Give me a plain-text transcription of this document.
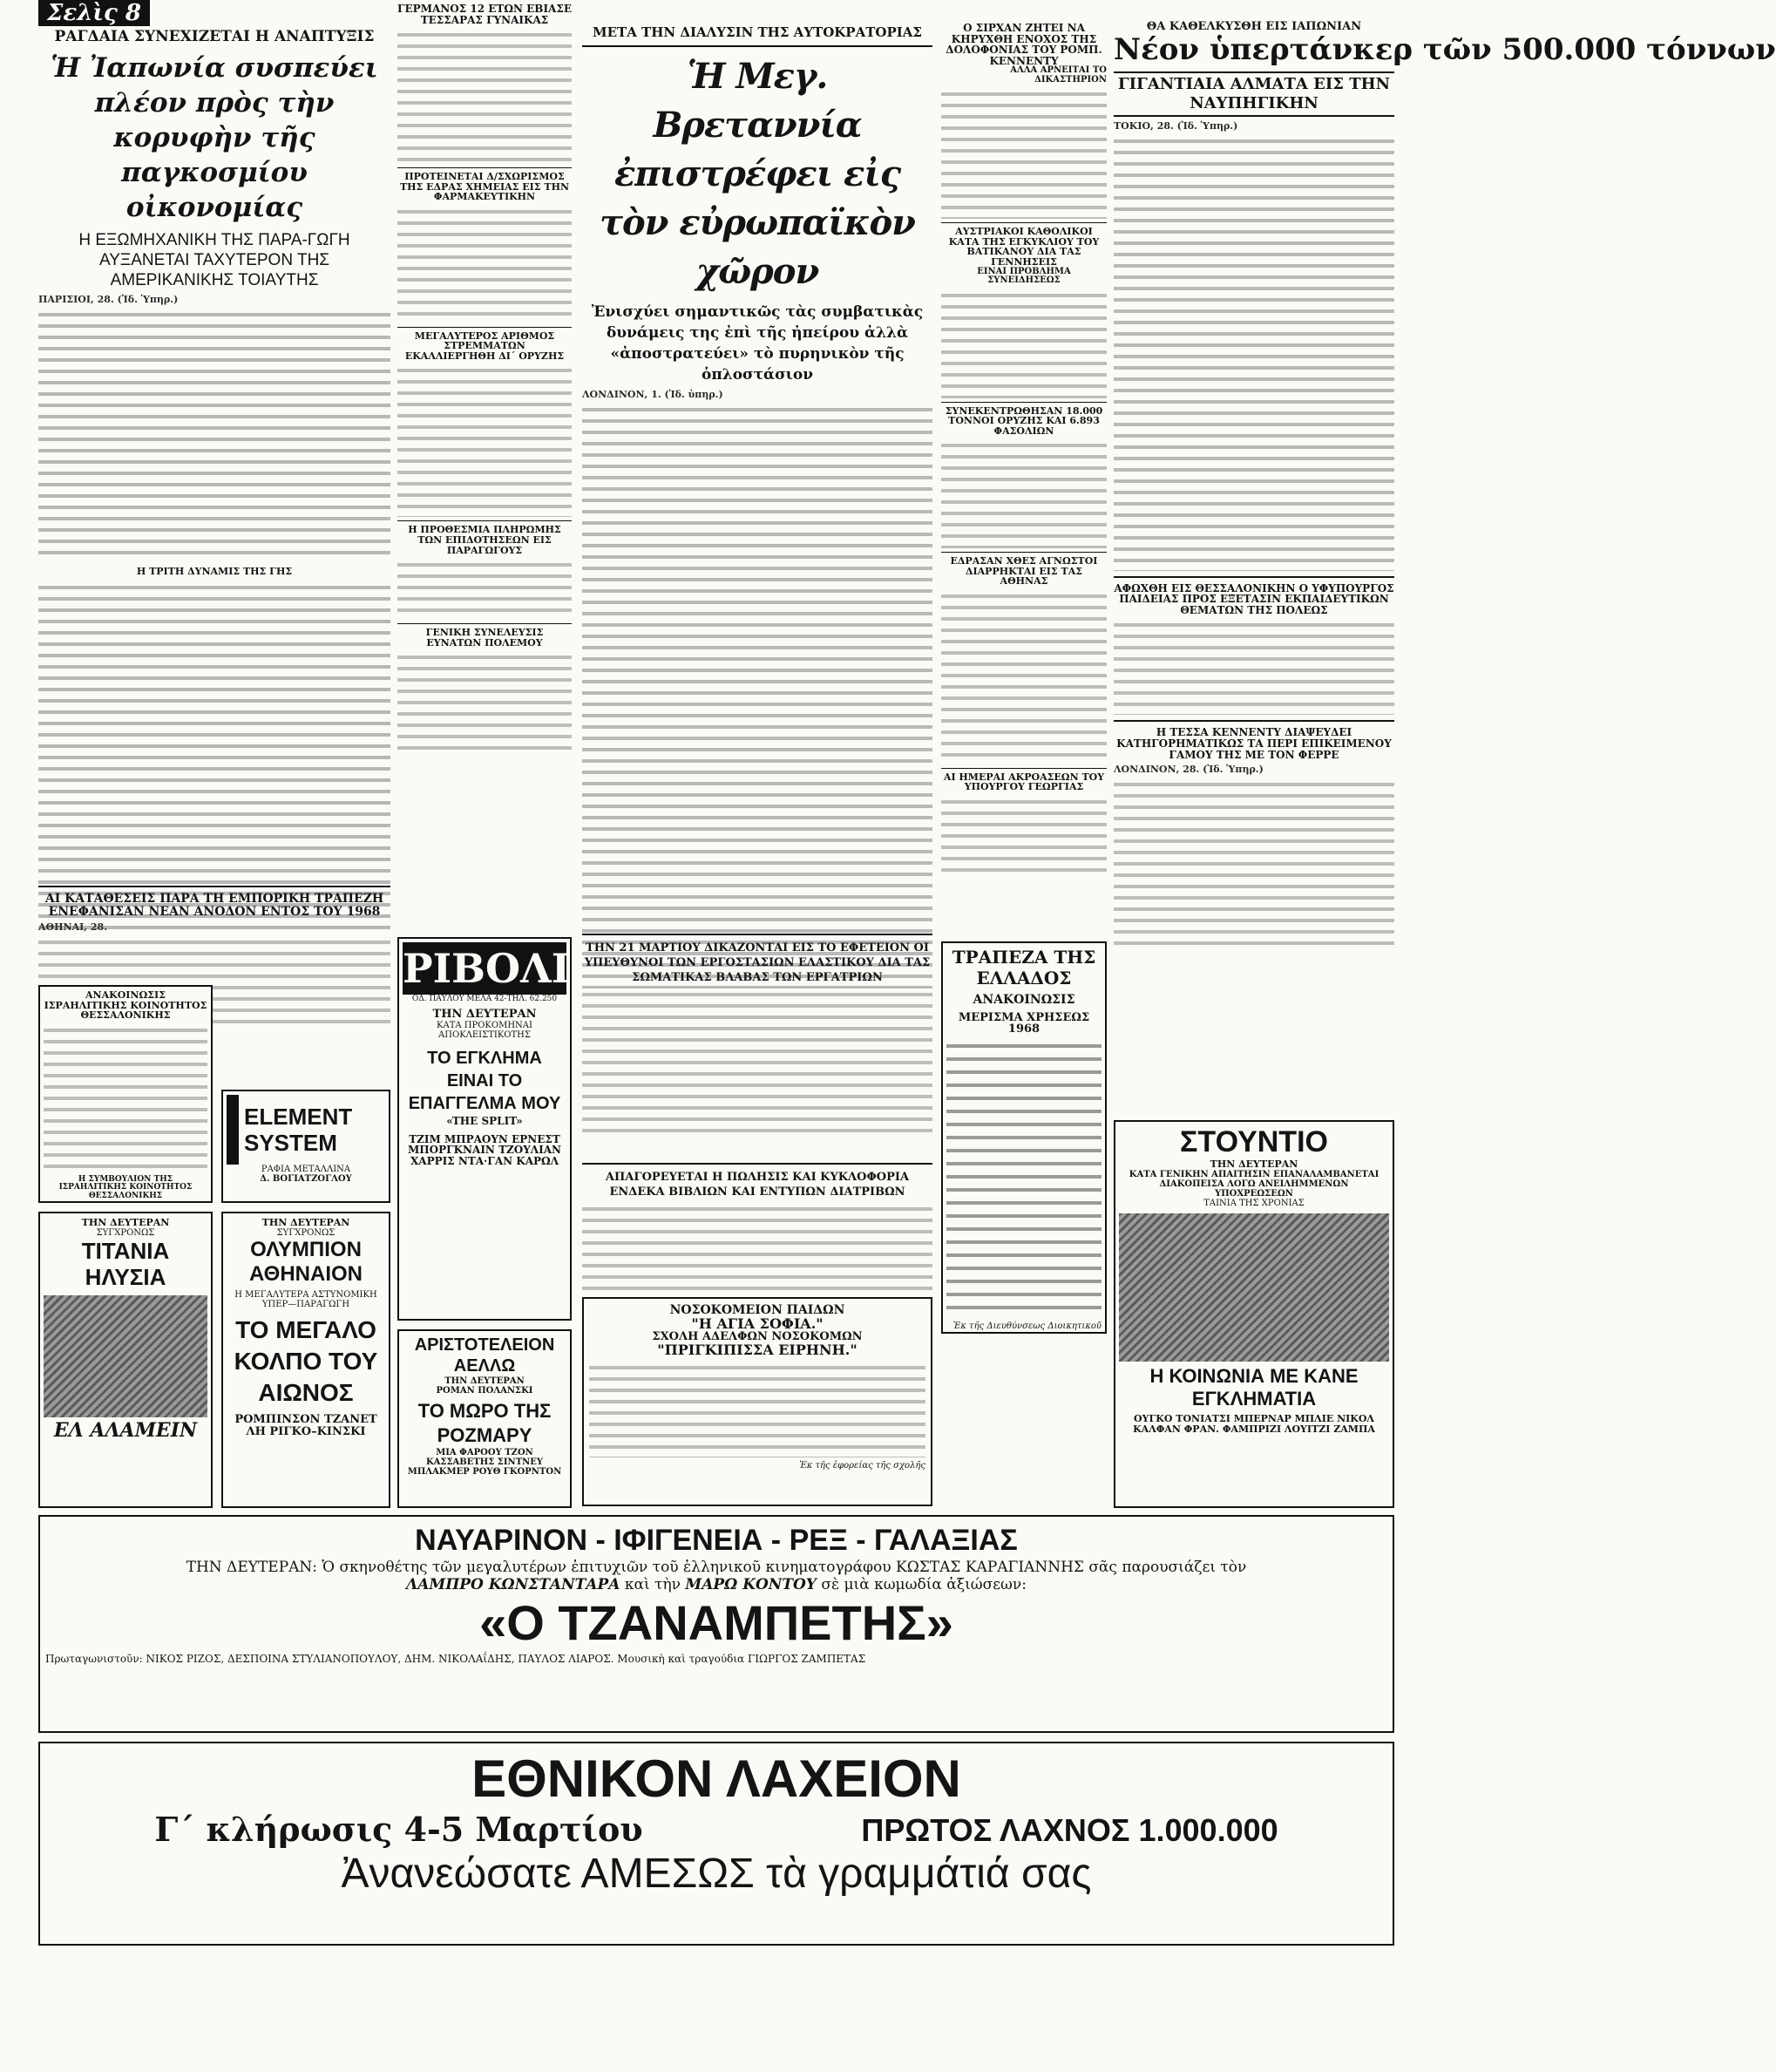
Σελὶς 8
ΡΑΓΔΑΙΑ ΣΥΝΕΧΙΖΕΤΑΙ Η ΑΝΑΠΤΥΞΙΣ
Ἡ Ἰαπωνία συσπεύει πλέον πρὸς τὴν κορυφὴν τῆς παγκοσμίου οἰκονομίας
Η ΕΞΩΜΗΧΑΝΙΚΗ ΤΗΣ ΠΑΡΑ-ΓΩΓΗ ΑΥΞΑΝΕΤΑΙ ΤΑΧΥΤΕΡΟΝ ΤΗΣ ΑΜΕΡΙΚΑΝΙΚΗΣ ΤΟΙΑΥΤΗΣ
ΠΑΡΙΣΙΟΙ, 28. (Ἰδ. Ὑπηρ.)
Η ΤΡΙΤΗ ΔΥΝΑΜΙΣ ΤΗΣ ΓΗΣ
ΓΕΡΜΑΝΟΣ 12 ΕΤΩΝ ΕΒΙΑΣΕ ΤΕΣΣΑΡΑΣ ΓΥΝΑΙΚΑΣ
ΠΡΟΤΕΙΝΕΤΑΙ Δ/ΣΧΩΡΙΣΜΟΣ ΤΗΣ ΕΔΡΑΣ ΧΗΜΕΙΑΣ ΕΙΣ ΤΗΝ ΦΑΡΜΑΚΕΥΤΙΚΗΝ
ΜΕΓΑΛΥΤΕΡΟΣ ΑΡΙΘΜΟΣ ΣΤΡΕΜΜΑΤΩΝ ΕΚΑΛΛΙΕΡΓΗΘΗ ΔΙ΄ ΟΡΥΖΗΣ
Η ΠΡΟΘΕΣΜΙΑ ΠΛΗΡΩΜΗΣ ΤΩΝ ΕΠΙΔΟΤΗΣΕΩΝ ΕΙΣ ΠΑΡΑΓΩΓΟΥΣ
ΓΕΝΙΚΗ ΣΥΝΕΛΕΥΣΙΣ ΕΥΝΑΤΩΝ ΠΟΛΕΜΟΥ
ΜΕΤΑ ΤΗΝ ΔΙΑΛΥΣΙΝ ΤΗΣ ΑΥΤΟΚΡΑΤΟΡΙΑΣ
Ἡ Μεγ. Βρεταννία ἐπιστρέφει εἰς τὸν εὐρωπαϊκὸν χῶρον
Ἐνισχύει σημαντικῶς τὰς συμβατικὰς δυνάμεις της ἐπὶ τῆς ἠπείρου ἀλλὰ «ἀποστρατεύει» τὸ πυρηνικὸν τῆς ὁπλοστάσιον
ΛΟΝΔΙΝΟΝ, 1. (Ἰδ. ὑπηρ.)
Ο ΣΙΡΧΑΝ ΖΗΤΕΙ ΝΑ ΚΗΡΥΧΘΗ ΕΝΟΧΟΣ ΤΗΣ ΔΟΛΟΦΟΝΙΑΣ ΤΟΥ ΡΟΜΠ. ΚΕΝΝΕΝΤΥ
ΑΛΛΑ ΑΡΝΕΙΤΑΙ ΤΟ ΔΙΚΑΣΤΗΡΙΟΝ
ΑΥΣΤΡΙΑΚΟΙ ΚΑΘΟΛΙΚΟΙ ΚΑΤΑ ΤΗΣ ΕΓΚΥΚΛΙΟΥ ΤΟΥ ΒΑΤΙΚΑΝΟΥ ΔΙΑ ΤΑΣ ΓΕΝΝΗΣΕΙΣ
ΕΙΝΑΙ ΠΡΟΒΛΗΜΑ ΣΥΝΕΙΔΗΣΕΩΣ
ΣΥΝΕΚΕΝΤΡΩΘΗΣΑΝ 18.000 ΤΟΝΝΟΙ ΟΡΥΖΗΣ ΚΑΙ 6.893 ΦΑΣΟΛΙΩΝ
ΕΔΡΑΣΑΝ ΧΘΕΣ ΑΓΝΩΣΤΟΙ ΔΙΑΡΡΗΚΤΑΙ ΕΙΣ ΤΑΣ ΑΘΗΝΑΣ
ΑΙ ΗΜΕΡΑΙ ΑΚΡΟΑΣΕΩΝ ΤΟΥ ΥΠΟΥΡΓΟΥ ΓΕΩΡΓΙΑΣ
ΘΑ ΚΑΘΕΛΚΥΣΘΗ ΕΙΣ ΙΑΠΩΝΙΑΝ
Νέον ὑπερτάνκερ τῶν 500.000 τόννων
ΓΙΓΑΝΤΙΑΙΑ ΑΛΜΑΤΑ ΕΙΣ ΤΗΝ ΝΑΥΠΗΓΙΚΗΝ
ΤΟΚΙΟ, 28. (Ἰδ. Ὑπηρ.)
ΑΦΩΧΘΗ ΕΙΣ ΘΕΣΣΑΛΟΝΙΚΗΝ Ο ΥΦΥΠΟΥΡΓΟΣ ΠΑΙΔΕΙΑΣ ΠΡΟΣ ΕΞΕΤΑΣΙΝ ΕΚΠΑΙΔΕΥΤΙΚΩΝ ΘΕΜΑΤΩΝ ΤΗΣ ΠΟΛΕΩΣ
Η ΤΕΣΣΑ ΚΕΝΝΕΝΤΥ ΔΙΑΨΕΥΔΕΙ ΚΑΤΗΓΟΡΗΜΑΤΙΚΩΣ ΤΑ ΠΕΡΙ ΕΠΙΚΕΙΜΕΝΟΥ ΓΑΜΟΥ ΤΗΣ ΜΕ ΤΟΝ ΦΕΡΡΕ
ΛΟΝΔΙΝΟΝ, 28. (Ἰδ. Ὑπηρ.)
ΑΙ ΚΑΤΑΘΕΣΕΙΣ ΠΑΡΑ ΤΗ ΕΜΠΟΡΙΚΗ ΤΡΑΠΕΖΗ ΕΝΕΦΑΝΙΣΑΝ ΝΕΑΝ ΑΝΟΔΟΝ ΕΝΤΟΣ ΤΟΥ 1968
ΑΘΗΝΑΙ, 28.
ΑΝΑΚΟΙΝΩΣΙΣ ΙΣΡΑΗΛΙΤΙΚΗΣ ΚΟΙΝΟΤΗΤΟΣ ΘΕΣΣΑΛΟΝΙΚΗΣ
Η ΣΥΜΒΟΥΛΙΟΝ ΤΗΣ ΙΣΡΑΗΛΙΤΙΚΗΣ ΚΟΙΝΟΤΗΤΟΣ ΘΕΣΣΑΛΟΝΙΚΗΣ
ELEMENT
SYSTEM
ΡΑΦΙΑ ΜΕΤΑΛΛΙΝΑ
Δ. ΒΟΓΙΑΤΖΟΓΛΟΥ
ΤΗΝ ΔΕΥΤΕΡΑΝ
ΣΥΓΧΡΟΝΩΣ
ΤΙΤΑΝΙΑ ΗΛΥΣΙΑ
ΕΛ ΑΛΑΜΕΙΝ
ΤΗΝ ΔΕΥΤΕΡΑΝ
ΣΥΓΧΡΟΝΩΣ
ΟΛΥΜΠΙΟΝ ΑΘΗΝΑΙΟΝ
Η ΜΕΓΑΛΥΤΕΡΑ ΑΣΤΥΝΟΜΙΚΗ ΥΠΕΡ—ΠΑΡΑΓΩΓΗ
ΤΟ ΜΕΓΑΛΟ ΚΟΛΠΟ ΤΟΥ ΑΙΩΝΟΣ
ΡΟΜΠΙΝΣΟΝ ΤΖΑΝΕΤ ΛΗ ΡΙΓΚΟ–ΚΙΝΣΚΙ
ΡΙΒΟΛΙ
ΟΔ. ΠΑΥΛΟΥ ΜΕΛΑ 42-ΤΗΛ. 62.250
ΤΗΝ ΔΕΥΤΕΡΑΝ
ΚΑΤΑ ΠΡΟΚΟΜΗΝΑΙ ΑΠΟΚΛΕΙΣΤΙΚΟΤΗΣ
ΤΟ ΕΓΚΛΗΜΑ ΕΙΝΑΙ ΤΟ ΕΠΑΓΓΕΛΜΑ ΜΟΥ
«THE SPLIT»
ΤΖΙΜ ΜΠΡΑΟΥΝ ΕΡΝΕΣΤ ΜΠΟΡΓΚΝΑΙΝ ΤΖΟΥΛΙΑΝ ΧΑΡΡΙΣ ΝΤΑ·ΓΑΝ ΚΑΡΩΛ
ΑΡΙΣΤΟΤΕΛΕΙΟΝ ΑΕΛΛΩ
ΤΗΝ ΔΕΥΤΕΡΑΝ
ΡΟΜΑΝ ΠΟΛΑΝΣΚΙ
ΤΟ ΜΩΡΟ ΤΗΣ ΡΟΖΜΑΡΥ
ΜΙΑ ΦΑΡΟΟΥ ΤΖΟΝ ΚΑΣΣΑΒΕΤΗΣ ΣΙΝΤΝΕΥ ΜΠΛΑΚΜΕΡ ΡΟΥΘ ΓΚΟΡΝΤΟΝ
ΤΗΝ 21 ΜΑΡΤΙΟΥ ΔΙΚΑΖΟΝΤΑΙ ΕΙΣ ΤΟ ΕΦΕΤΕΙΟΝ ΟΙ ΥΠΕΥΘΥΝΟΙ ΤΩΝ ΕΡΓΟΣΤΑΣΙΩΝ ΕΛΑΣΤΙΚΟΥ ΔΙΑ ΤΑΣ ΣΩΜΑΤΙΚΑΣ ΒΛΑΒΑΣ ΤΩΝ ΕΡΓΑΤΡΙΩΝ
ΑΠΑΓΟΡΕΥΕΤΑΙ Η ΠΩΛΗΣΙΣ ΚΑΙ ΚΥΚΛΟΦΟΡΙΑ ΕΝΔΕΚΑ ΒΙΒΛΙΩΝ ΚΑΙ ΕΝΤΥΠΩΝ ΔΙΑΤΡΙΒΩΝ
ΝΟΣΟΚΟΜΕΙΟΝ ΠΑΙΔΩΝ
"Η ΑΓΙΑ ΣΟΦΙΑ."
ΣΧΟΛΗ ΑΔΕΛΦΩΝ ΝΟΣΟΚΟΜΩΝ
"ΠΡΙΓΚΙΠΙΣΣΑ ΕΙΡΗΝΗ."
Ἐκ τῆς ἐφορείας τῆς σχολῆς
ΤΡΑΠΕΖΑ ΤΗΣ ΕΛΛΑΔΟΣ
ΑΝΑΚΟΙΝΩΣΙΣ
ΜΕΡΙΣΜΑ ΧΡΗΣΕΩΣ 1968
Ἐκ τῆς Διευθύνσεως Διοικητικοῦ
ΣΤΟΥΝΤΙΟ
ΤΗΝ ΔΕΥΤΕΡΑΝ
ΚΑΤΑ ΓΕΝΙΚΗΝ ΑΠΑΙΤΗΣΙΝ ΕΠΑΝΑΛΑΜΒΑΝΕΤΑΙ ΔΙΑΚΟΠΕΙΣΑ ΛΟΓΩ ΑΝΕΙΛΗΜΜΕΝΩΝ ΥΠΟΧΡΕΩΣΕΩΝ
ΤΑΙΝΙΑ ΤΗΣ ΧΡΟΝΙΑΣ
Η ΚΟΙΝΩΝΙΑ ΜΕ ΚΑΝΕ ΕΓΚΛΗΜΑΤΙΑ
ΟΥΓΚΟ ΤΟΝΙΑΤΣΙ ΜΠΕΡΝΑΡ ΜΠΛΙΕ ΝΙΚΟΛ ΚΑΛΦΑΝ ΦΡΑΝ. ΦΑΜΠΡΙΖΙ ΛΟΥΙΤΖΙ ΖΑΜΠΑ
ΝΑΥΑΡΙΝΟΝ - ΙΦΙΓΕΝΕΙΑ - ΡΕΞ - ΓΑΛΑΞΙΑΣ
ΤΗΝ ΔΕΥΤΕΡΑΝ: Ὁ σκηνοθέτης τῶν μεγαλυτέρων ἐπιτυχιῶν τοῦ ἑλληνικοῦ κινηματογράφου ΚΩΣΤΑΣ ΚΑΡΑΓΙΑΝΝΗΣ σᾶς παρουσιάζει τὸν
ΛΑΜΠΡΟ ΚΩΝΣΤΑΝΤΑΡΑ καὶ τὴν ΜΑΡΩ ΚΟΝΤΟΥ σὲ μιὰ κωμωδία ἀξιώσεων:
«Ο ΤΖΑΝΑΜΠΕΤΗΣ»
Πρωταγωνιστοῦν: ΝΙΚΟΣ ΡΙΖΟΣ, ΔΕΣΠΟΙΝΑ ΣΤΥΛΙΑΝΟΠΟΥΛΟΥ, ΔΗΜ. ΝΙΚΟΛΑΐΔΗΣ, ΠΑΥΛΟΣ ΛΙΑΡΟΣ. Μουσικὴ καὶ τραγούδια ΓΙΩΡΓΟΣ ΖΑΜΠΕΤΑΣ
ΕΘΝΙΚΟΝ ΛΑΧΕΙΟΝ
Γ΄ κλήρωσις 4-5 Μαρτίου	ΠΡΩΤΟΣ ΛΑΧΝΟΣ 1.000.000
Ἀνανεώσατε ΑΜΕΣΩΣ τὰ γραμμάτιά σας
